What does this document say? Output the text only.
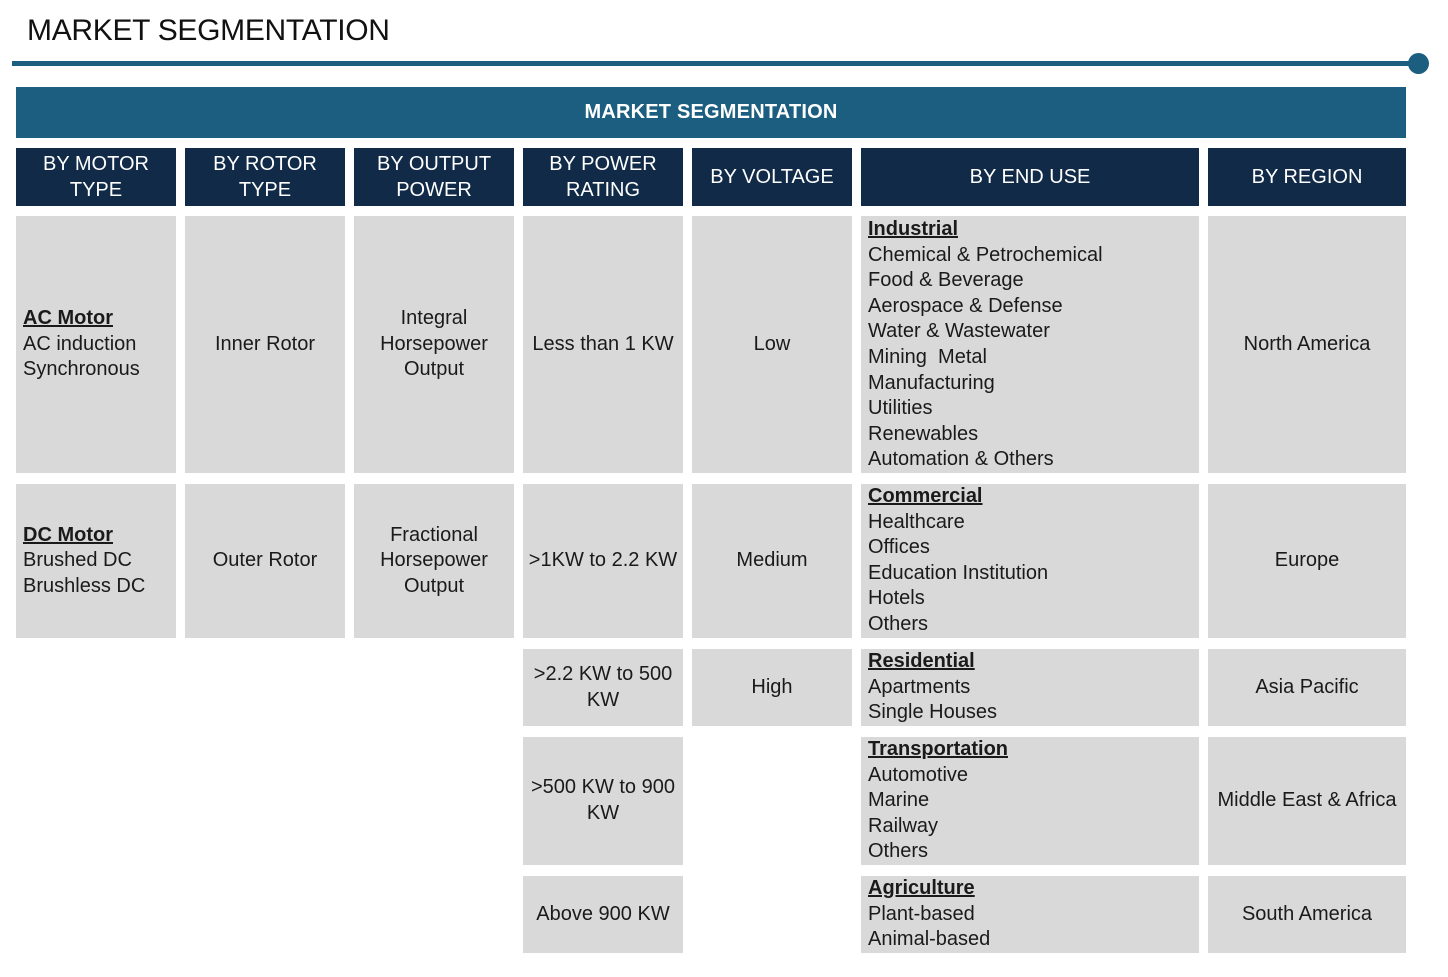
MARKET SEGMENTATION
MARKET SEGMENTATION
BY MOTOR
TYPE
BY ROTOR TYPE
BY OUTPUT
POWER
BY POWER
RATING
BY VOLTAGE	BY END USE	BY REGION
AC Motor
AC induction
Synchronous
DC Motor
Brushed DC
Brushless DC
Inner Rotor
Outer Rotor
Integral
Horsepower
Output
Fractional
Horsepower
Output
Less than 1 KW
>1KW to 2.2 KW
>2.2 KW to 500
KW
>500 KW to 900
KW
Above 900 KW
Low
Medium
High
Industrial
Chemical & Petrochemical
Food & Beverage
Aerospace & Defense
Water & Wastewater
Mining  Metal
Manufacturing
Utilities
Renewables
Automation & Others
Commercial
Healthcare
Offices
Education Institution
Hotels
Others
Residential
Apartments
Single Houses
Transportation
Automotive
Marine
Railway
Others
Agriculture
Plant-based
Animal-based
North America
Europe
Asia Pacific
Middle East & Africa
South America
